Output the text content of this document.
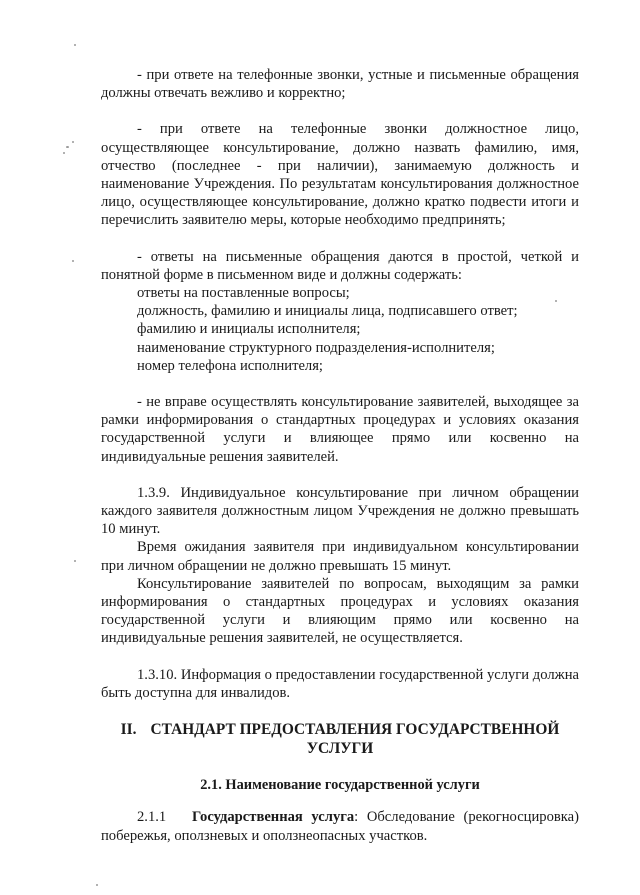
- при ответе на телефонные звонки, устные и письменные обращения должны отвечать вежливо и корректно;

- при ответе на телефонные звонки должностное лицо, осуществляющее консультирование, должно назвать фамилию, имя, отчество (последнее - при наличии), занимаемую должность и наименование Учреждения. По результатам консультирования должностное лицо, осуществляющее консультирование, должно кратко подвести итоги и перечислить заявителю меры, которые необходимо предпринять;

- ответы на письменные обращения даются в простой, четкой и понятной форме в письменном виде и должны содержать:

ответы на поставленные вопросы;

должность, фамилию и инициалы лица, подписавшего ответ;

фамилию и инициалы исполнителя;

наименование структурного подразделения-исполнителя;

номер телефона исполнителя;

- не вправе осуществлять консультирование заявителей, выходящее за рамки информирования о стандартных процедурах и условиях оказания государственной услуги и влияющее прямо или косвенно на индивидуальные решения заявителей.

1.3.9. Индивидуальное консультирование при личном обращении каждого заявителя должностным лицом Учреждения не должно превышать 10 минут.

Время ожидания заявителя при индивидуальном консультировании при личном обращении не должно превышать 15 минут.

Консультирование заявителей по вопросам, выходящим за рамки информирования о стандартных процедурах и условиях оказания государственной услуги и влияющим прямо или косвенно на индивидуальные решения заявителей, не осуществляется.

1.3.10. Информация о предоставлении государственной услуги должна быть доступна для инвалидов.

II. СТАНДАРТ ПРЕДОСТАВЛЕНИЯ ГОСУДАРСТВЕННОЙ УСЛУГИ

2.1. Наименование государственной услуги

2.1.1 Государственная услуга: Обследование (рекогносцировка) побережья, оползневых и оползнеопасных участков.
